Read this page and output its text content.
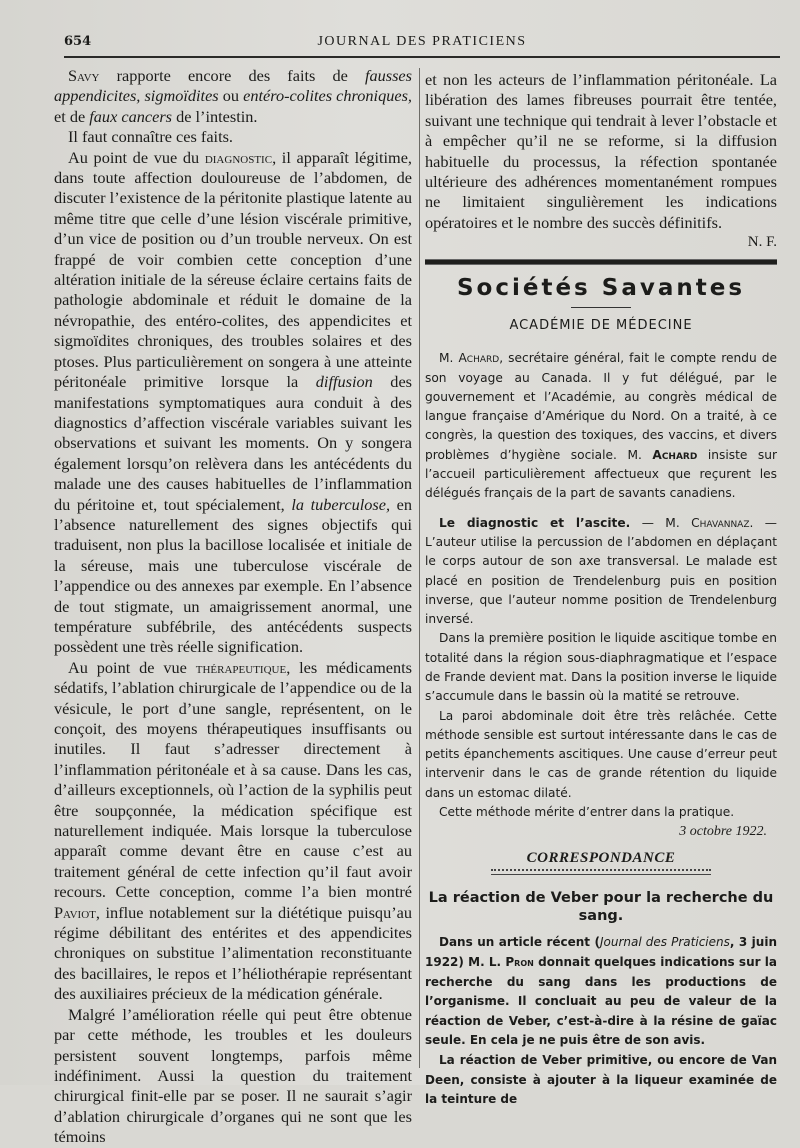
654	JOURNAL DES PRATICIENS

Savy rapporte encore des faits de fausses appendicites, sigmoïdites ou entéro-colites chroniques, et de faux cancers de l’intestin.

Il faut connaître ces faits.

Au point de vue du diagnostic, il apparaît légitime, dans toute affection douloureuse de l’abdomen, de discuter l’existence de la péritonite plastique latente au même titre que celle d’une lésion viscérale primitive, d’un vice de position ou d’un trouble nerveux. On est frappé de voir combien cette conception d’une altération initiale de la séreuse éclaire certains faits de pathologie abdominale et réduit le domaine de la névropathie, des entéro-colites, des appendicites et sigmoïdites chroniques, des troubles solaires et des ptoses. Plus particulièrement on songera à une atteinte péritonéale primitive lorsque la diffusion des manifestations symptomatiques aura conduit à des diagnostics d’affection viscérale variables suivant les observations et suivant les moments. On y songera également lorsqu’on relèvera dans les antécédents du malade une des causes habituelles de l’inflammation du péritoine et, tout spécialement, la tuberculose, en l’absence naturellement des signes objectifs qui traduisent, non plus la bacillose localisée et initiale de la séreuse, mais une tuberculose viscérale de l’appendice ou des annexes par exemple. En l’absence de tout stigmate, un amaigrissement anormal, une température subfébrile, des antécédents suspects possèdent une très réelle signification.

Au point de vue thérapeutique, les médicaments sédatifs, l’ablation chirurgicale de l’appendice ou de la vésicule, le port d’une sangle, représentent, on le conçoit, des moyens thérapeutiques insuffisants ou inutiles. Il faut s’adresser directement à l’inflammation péritonéale et à sa cause. Dans les cas, d’ailleurs exceptionnels, où l’action de la syphilis peut être soupçonnée, la médication spécifique est naturellement indiquée. Mais lorsque la tuberculose apparaît comme devant être en cause c’est au traitement général de cette infection qu’il faut avoir recours. Cette conception, comme l’a bien montré Paviot, influe notablement sur la diététique puisqu’au régime débilitant des entérites et des appendicites chroniques on substitue l’alimentation reconstituante des bacillaires, le repos et l’héliothérapie représentant des auxiliaires précieux de la médication générale.

Malgré l’amélioration réelle qui peut être obtenue par cette méthode, les troubles et les douleurs persistent souvent longtemps, parfois même indéfiniment. Aussi la question du traitement chirurgical finit-elle par se poser. Il ne saurait s’agir d’ablation chirurgicale d’organes qui ne sont que les témoins

et non les acteurs de l’inflammation péritonéale. La libération des lames fibreuses pourrait être tentée, suivant une technique qui tendrait à lever l’obstacle et à empêcher qu’il ne se reforme, si la diffusion habituelle du processus, la réfection spontanée ultérieure des adhérences momentanément rompues ne limitaient singulièrement les indications opératoires et le nombre des succès définitifs.

N. F.
Sociétés Savantes
ACADÉMIE DE MÉDECINE

M. Achard, secrétaire général, fait le compte rendu de son voyage au Canada. Il y fut délégué, par le gouvernement et l’Académie, au congrès médical de langue française d’Amérique du Nord. On a traité, à ce congrès, la question des toxiques, des vaccins, et divers problèmes d’hygiène sociale. M. Achard insiste sur l’accueil particulièrement affectueux que reçurent les délégués français de la part de savants canadiens.

Le diagnostic et l’ascite. — M. Chavannaz. — L’auteur utilise la percussion de l’abdomen en déplaçant le corps autour de son axe transversal. Le malade est placé en position de Trendelenburg puis en position inverse, que l’auteur nomme position de Trendelenburg inversé.

Dans la première position le liquide ascitique tombe en totalité dans la région sous-diaphragmatique et l’espace de Frande devient mat. Dans la position inverse le liquide s’accumule dans le bassin où la matité se retrouve.

La paroi abdominale doit être très relâchée. Cette méthode sensible est surtout intéressante dans le cas de petits épanchements ascitiques. Une cause d’erreur peut intervenir dans le cas de grande rétention du liquide dans un estomac dilaté.

Cette méthode mérite d’entrer dans la pratique.

3 octobre 1922.
CORRESPONDANCE
La réaction de Veber pour la recherche du sang.

Dans un article récent (Journal des Praticiens, 3 juin 1922) M. L. Pron donnait quelques indications sur la recherche du sang dans les productions de l’organisme. Il concluait au peu de valeur de la réaction de Veber, c’est-à-dire à la résine de gaïac seule. En cela je ne puis être de son avis.

La réaction de Veber primitive, ou encore de Van Deen, consiste à ajouter à la liqueur examinée de la teinture de
